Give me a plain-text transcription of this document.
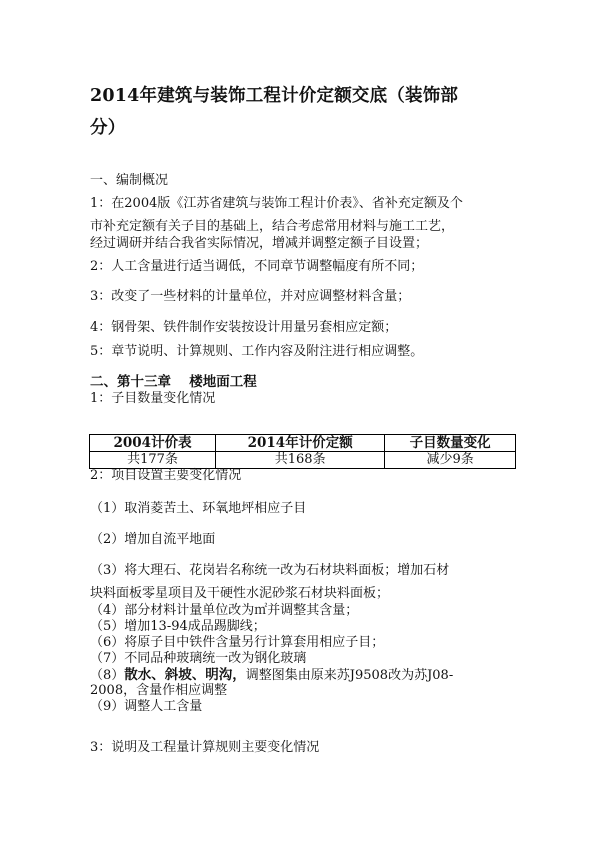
2014年建筑与装饰工程计价定额交底（装饰部
分）
一、编制概况
1：在2004版《江苏省建筑与装饰工程计价表》、省补充定额及个
市补充定额有关子目的基础上，结合考虑常用材料与施工工艺，
经过调研并结合我省实际情况，增减并调整定额子目设置；
2：人工含量进行适当调低，不同章节调整幅度有所不同；
3：改变了一些材料的计量单位，并对应调整材料含量；
4：钢骨架、铁件制作安装按设计用量另套相应定额；
5：章节说明、计算规则、工作内容及附注进行相应调整。
二、第十三章　 楼地面工程
1：子目数量变化情况
2004计价表	2014年计价定额	子目数量变化
共177条	共168条	减少9条
2：项目设置主要变化情况
（1）取消菱苦土、环氧地坪相应子目
（2）增加自流平地面
（3）将大理石、花岗岩名称统一改为石材块料面板；增加石材
块料面板零星项目及干硬性水泥砂浆石材块料面板；
（4）部分材料计量单位改为㎡并调整其含量；
（5）增加13-94成品踢脚线；
（6）将原子目中铁件含量另行计算套用相应子目；
（7）不同品种玻璃统一改为钢化玻璃
（8）散水、斜坡、明沟，调整图集由原来苏J9508改为苏J08-
2008，含量作相应调整
（9）调整人工含量
3：说明及工程量计算规则主要变化情况
